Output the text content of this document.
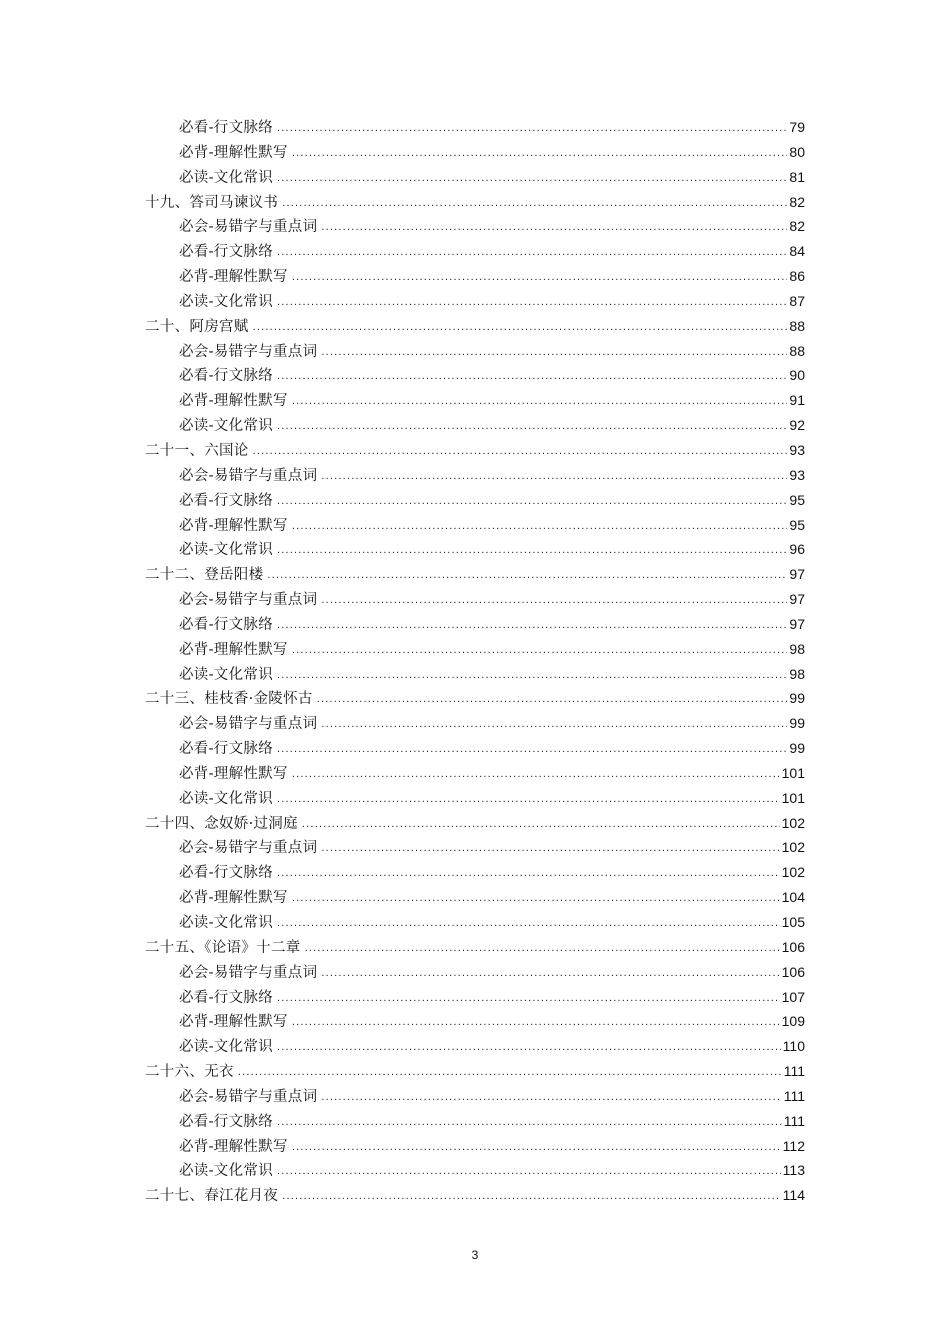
必看-行文脉络 .....	79
必背-理解性默写 .....	80
必读-文化常识 .....	81
十九、答司马谏议书 .....	82
必会-易错字与重点词 .....	82
必看-行文脉络 .....	84
必背-理解性默写 .....	86
必读-文化常识 .....	87
二十、阿房宫赋 .....	88
必会-易错字与重点词 .....	88
必看-行文脉络 .....	90
必背-理解性默写 .....	91
必读-文化常识 .....	92
二十一、六国论 .....	93
必会-易错字与重点词 .....	93
必看-行文脉络 .....	95
必背-理解性默写 .....	95
必读-文化常识 .....	96
二十二、登岳阳楼 .....	97
必会-易错字与重点词 .....	97
必看-行文脉络 .....	97
必背-理解性默写 .....	98
必读-文化常识 .....	98
二十三、桂枝香·金陵怀古 .....	99
必会-易错字与重点词 .....	99
必看-行文脉络 .....	99
必背-理解性默写 .....	101
必读-文化常识 .....	101
二十四、念奴娇·过洞庭 .....	102
必会-易错字与重点词 .....	102
必看-行文脉络 .....	102
必背-理解性默写 .....	104
必读-文化常识 .....	105
二十五、《论语》十二章 .....	106
必会-易错字与重点词 .....	106
必看-行文脉络 .....	107
必背-理解性默写 .....	109
必读-文化常识 .....	110
二十六、无衣 .....	111
必会-易错字与重点词 .....	111
必看-行文脉络 .....	111
必背-理解性默写 .....	112
必读-文化常识 .....	113
二十七、春江花月夜 .....	114
3
